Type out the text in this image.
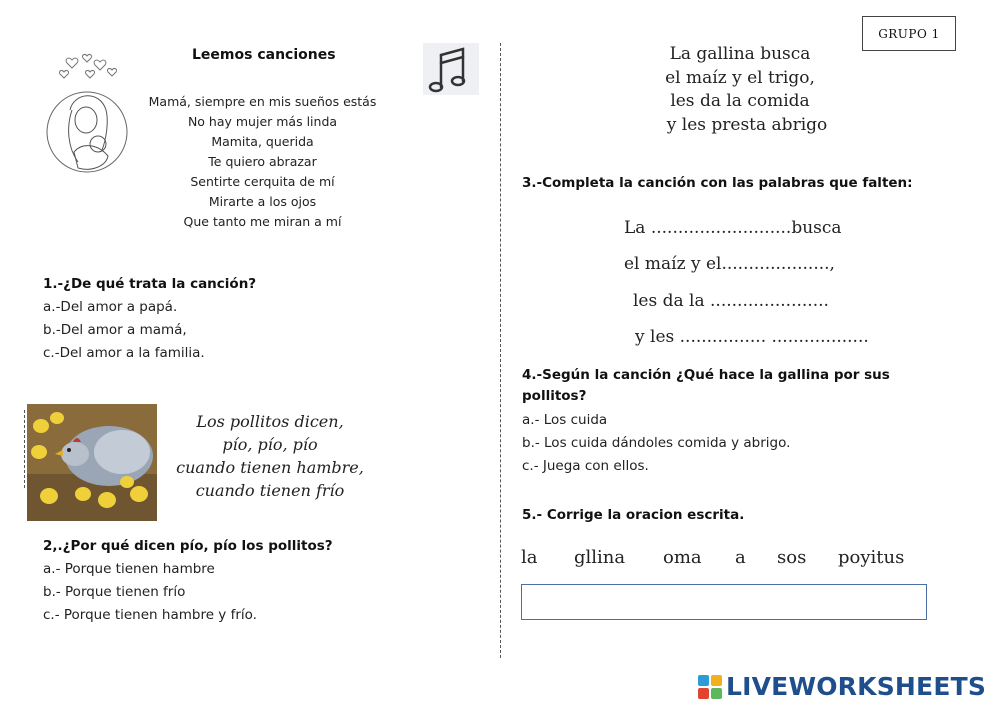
Leemos canciones
Mamá, siempre en mis sueños estás
No hay mujer más linda
Mamita, querida
Te quiero abrazar
Sentirte cerquita de mí
Mirarte a los ojos
Que tanto me miran a mí
1.-¿De qué trata la canción?
a.-Del amor a papá.
b.-Del amor a mamá,
c.-Del amor a la familia.
Los pollitos dicen,
pío, pío, pío
cuando tienen hambre,
cuando tienen frío
2,.¿Por qué dicen pío, pío los pollitos?
a.- Porque tienen hambre
b.- Porque tienen frío
c.- Porque tienen hambre y frío.
GRUPO 1
La gallina busca
el maíz y el trigo,
les da la comida
y les presta abrigo
3.-Completa la canción con las palabras que falten:
La ..........................busca
el maíz y el....................,
les da la ......................
y les ................ ..................
4.-Según la canción ¿Qué hace la gallina por sus
pollitos?
a.- Los cuida
b.- Los cuida dándoles comida y abrigo.
c.- Juega con ellos.
5.- Corrige la oracion escrita.
la gllina oma a sos poyitus
LIVEWORKSHEETS
